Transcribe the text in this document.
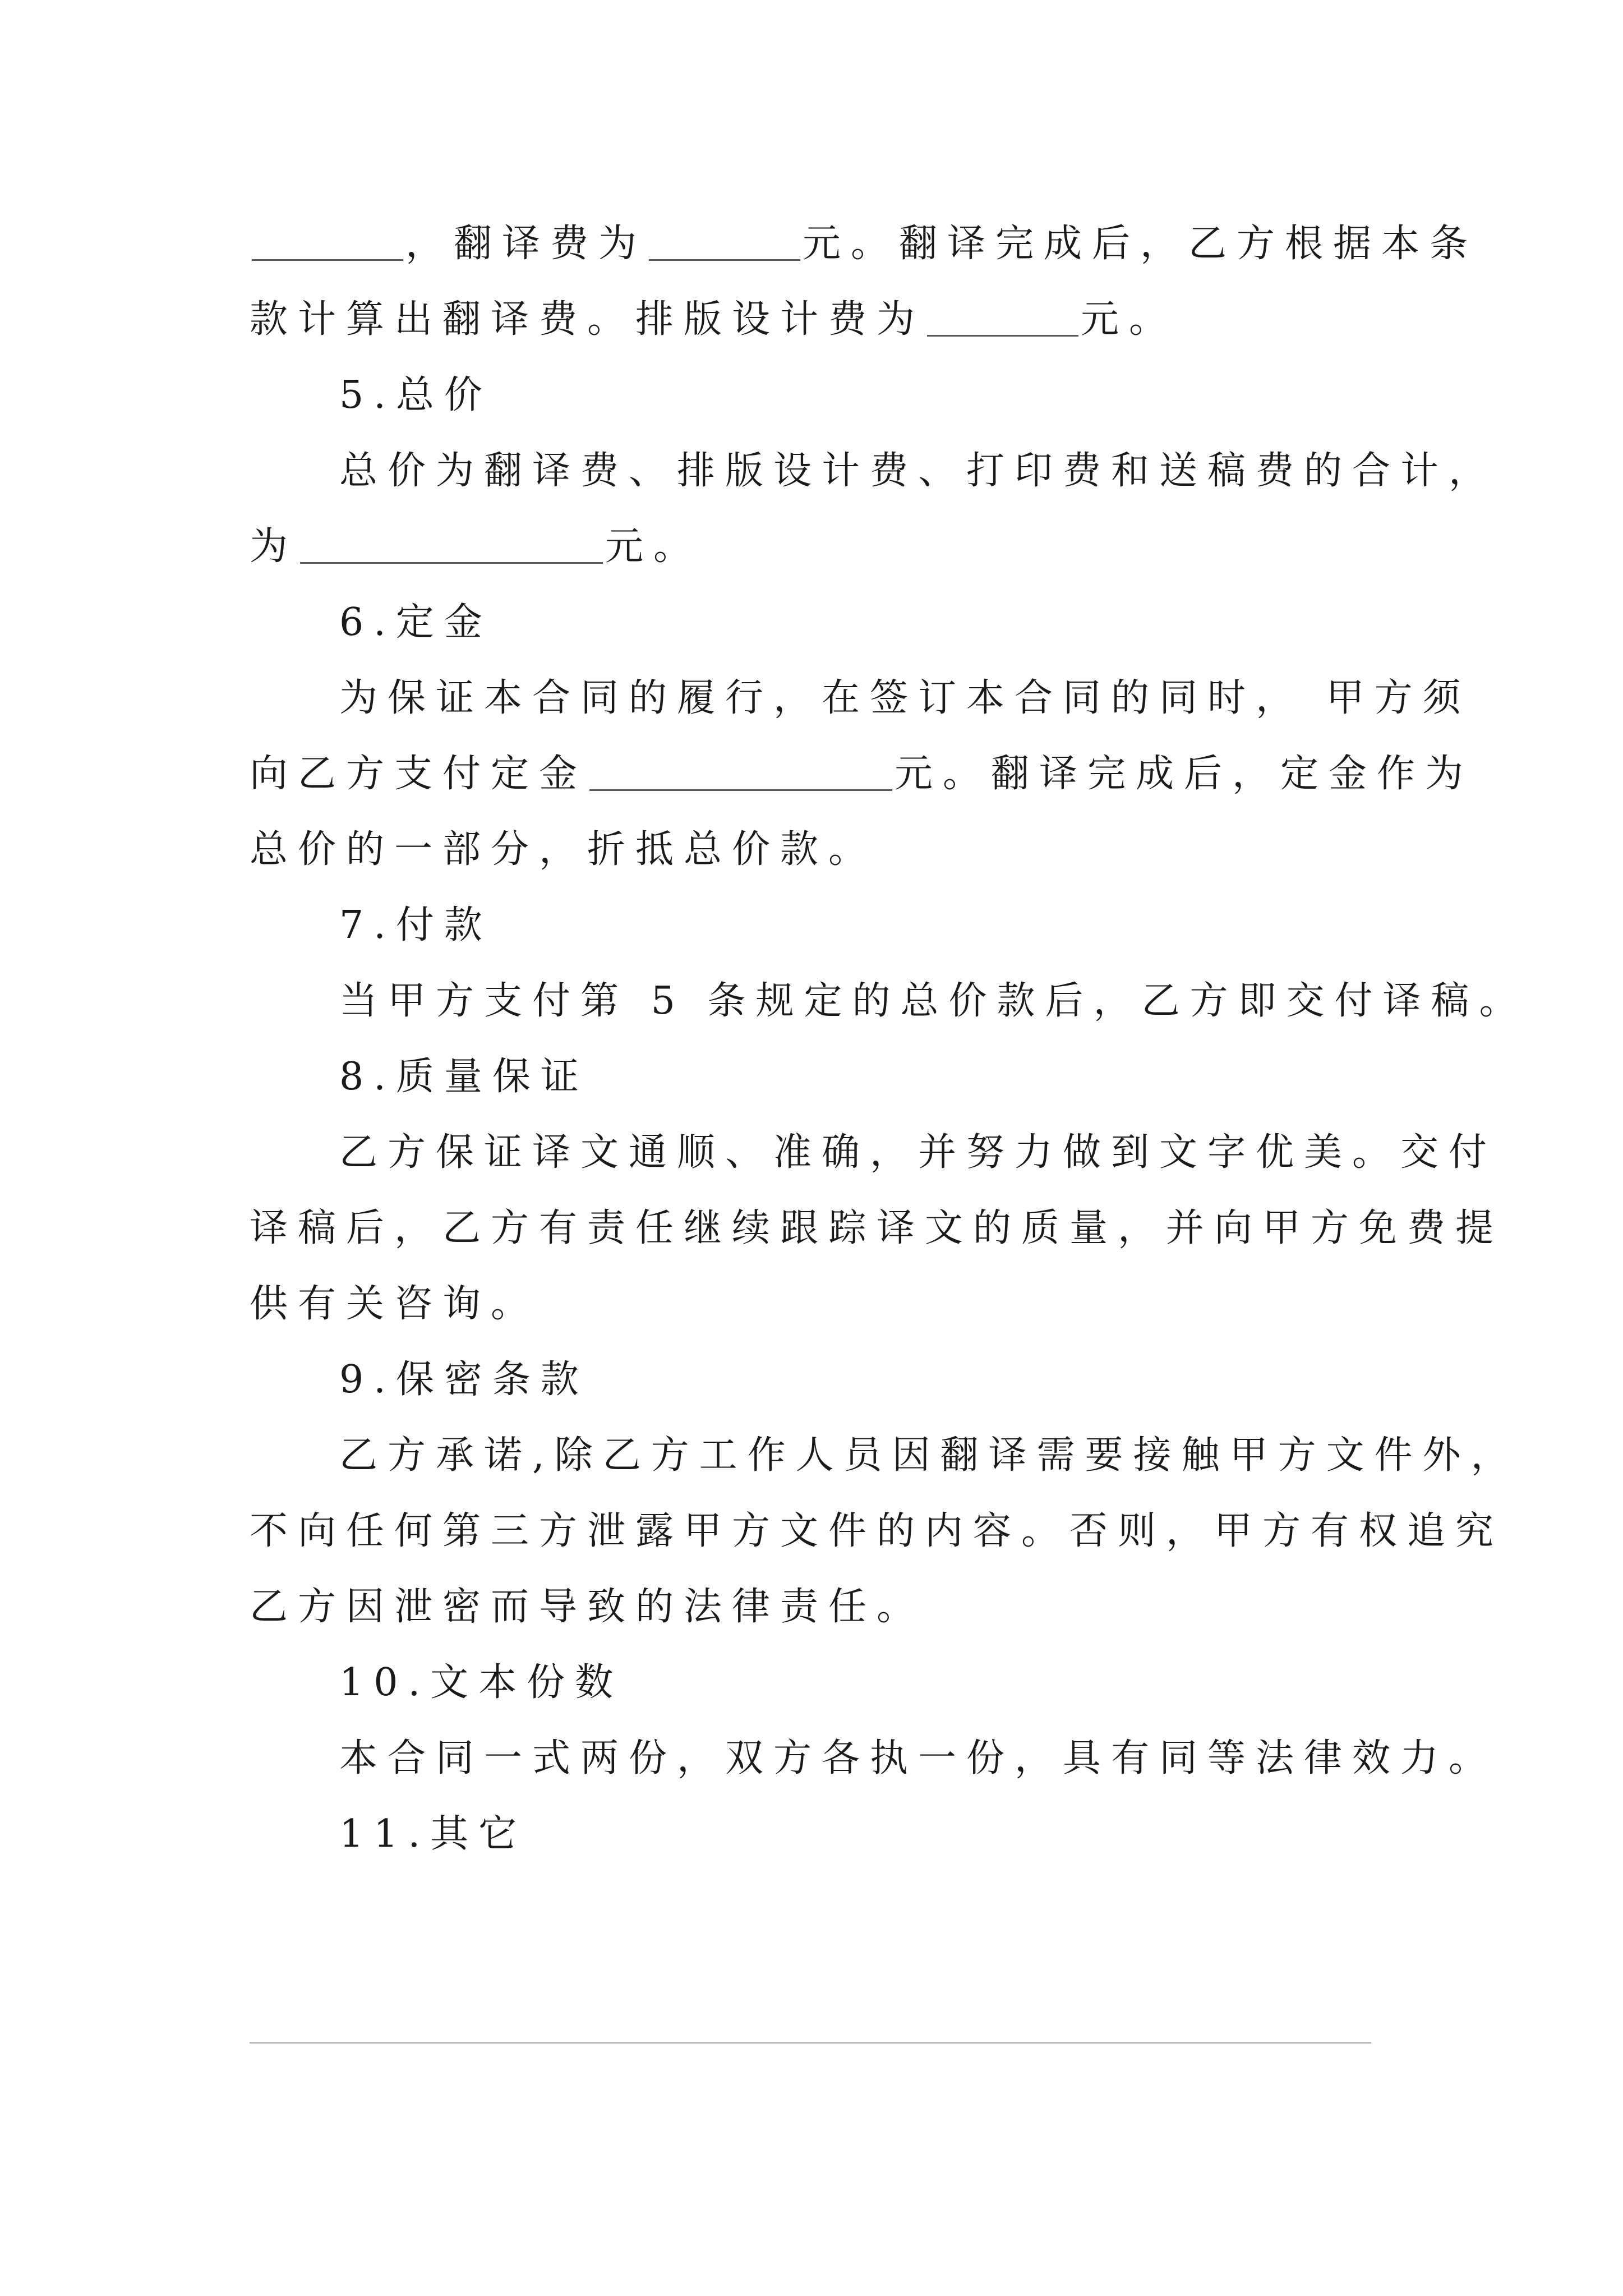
，翻译费为	元。翻译完成后，乙方根据本条
款计算出翻译费。排版设计费为	元。
5.总价
总价为翻译费、排版设计费、打印费和送稿费的合计，
为	元。
6.定金
为保证本合同的履行，在签订本合同的同时， 甲方须
向乙方支付定金	元。翻译完成后，定金作为
总价的一部分，折抵总价款。
7.付款
当甲方支付第 5 条规定的总价款后，乙方即交付译稿。
8.质量保证
乙方保证译文通顺、准确，并努力做到文字优美。交付
译稿后，乙方有责任继续跟踪译文的质量，并向甲方免费提
供有关咨询。
9.保密条款
乙方承诺,除乙方工作人员因翻译需要接触甲方文件外，
不向任何第三方泄露甲方文件的内容。否则，甲方有权追究
乙方因泄密而导致的法律责任。
10.文本份数
本合同一式两份，双方各执一份，具有同等法律效力。
11.其它
